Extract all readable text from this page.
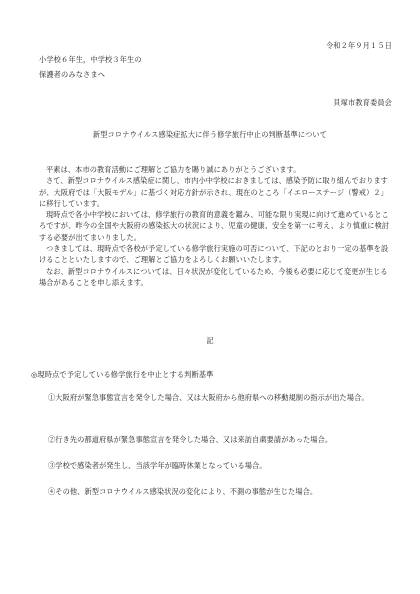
令和２年９月１５日
小学校６年生，中学校３年生の
保護者のみなさまへ
貝塚市教育委員会
新型コロナウイルス感染症拡大に伴う修学旅行中止の判断基準について
平素は、本市の教育活動にご理解とご協力を賜り誠にありがとうございます。
さて、新型コロナウイルス感染症に関し、市内小中学校におきましては、感染予防に取り組んでおりますが、大阪府では「大阪モデル」に基づく対応方針が示され、現在のところ「イエローステージ（警戒）２」に移行しています。
現時点で各小中学校においては、修学旅行の教育的意義を鑑み、可能な限り実現に向けて進めているところですが、昨今の全国や大阪府の感染拡大の状況により、児童の健康、安全を第一に考え、より慎重に検討する必要が出てまいりました。
つきましては、現時点で各校が予定している修学旅行実施の可否について、下記のとおり一定の基準を設けることといたしますので、ご理解とご協力をよろしくお願いいたします。
なお、新型コロナウイルスについては、日々状況が変化しているため、今後も必要に応じて変更が生じる場合があることを申し添えます。
記
◎現時点で予定している修学旅行を中止とする判断基準
①大阪府が緊急事態宣言を発令した場合、又は大阪府から他府県への移動規制の指示が出た場合。
②行き先の都道府県が緊急事態宣言を発令した場合、又は来訪自粛要請があった場合。
③学校で感染者が発生し、当該学年が臨時休業となっている場合。
④その他、新型コロナウイルス感染状況の変化により、不測の事態が生じた場合。
